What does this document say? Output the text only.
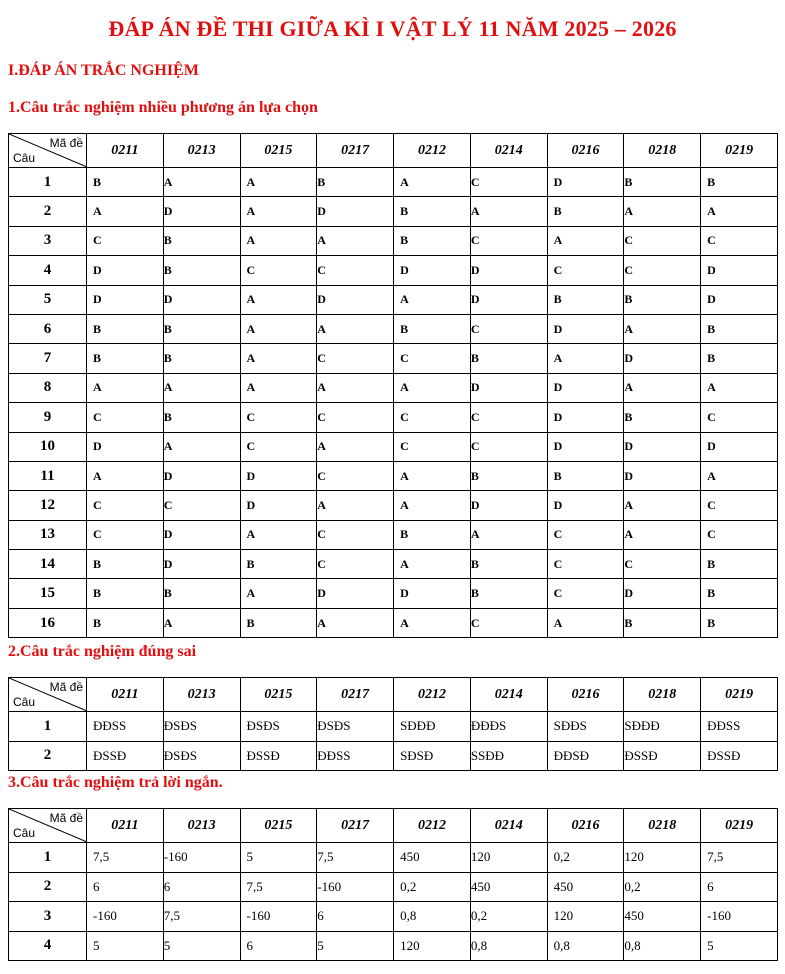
ĐÁP ÁN ĐỀ THI GIỮA KÌ I VẬT LÝ 11 NĂM 2025 – 2026
I.ĐÁP ÁN TRẮC NGHIỆM
1.Câu trắc nghiệm nhiều phương án lựa chọn
Mã đề
Câu	0211	0213	0215	0217	0212	0214	0216	0218	0219
1	B	A	A	B	A	C	D	B	B
2	A	D	A	D	B	A	B	A	A
3	C	B	A	A	B	C	A	C	C
4	D	B	C	C	D	D	C	C	D
5	D	D	A	D	A	D	B	B	D
6	B	B	A	A	B	C	D	A	B
7	B	B	A	C	C	B	A	D	B
8	A	A	A	A	A	D	D	A	A
9	C	B	C	C	C	C	D	B	C
10	D	A	C	A	C	C	D	D	D
11	A	D	D	C	A	B	B	D	A
12	C	C	D	A	A	D	D	A	C
13	C	D	A	C	B	A	C	A	C
14	B	D	B	C	A	B	C	C	B
15	B	B	A	D	D	B	C	D	B
16	B	A	B	A	A	C	A	B	B
2.Câu trắc nghiệm đúng sai
Mã đề
Câu	0211	0213	0215	0217	0212	0214	0216	0218	0219
1	ĐĐSS	ĐSĐS	ĐSĐS	ĐSĐS	SĐĐĐ	ĐĐĐS	SĐĐS	SĐĐĐ	ĐĐSS
2	ĐSSĐ	ĐSĐS	ĐSSĐ	ĐĐSS	SĐSĐ	SSĐĐ	ĐĐSĐ	ĐSSĐ	ĐSSĐ
3.Câu trắc nghiệm trả lời ngắn.
Mã đề
Câu	0211	0213	0215	0217	0212	0214	0216	0218	0219
1	7,5	-160	5	7,5	450	120	0,2	120	7,5
2	6	6	7,5	-160	0,2	450	450	0,2	6
3	-160	7,5	-160	6	0,8	0,2	120	450	-160
4	5	5	6	5	120	0,8	0,8	0,8	5
